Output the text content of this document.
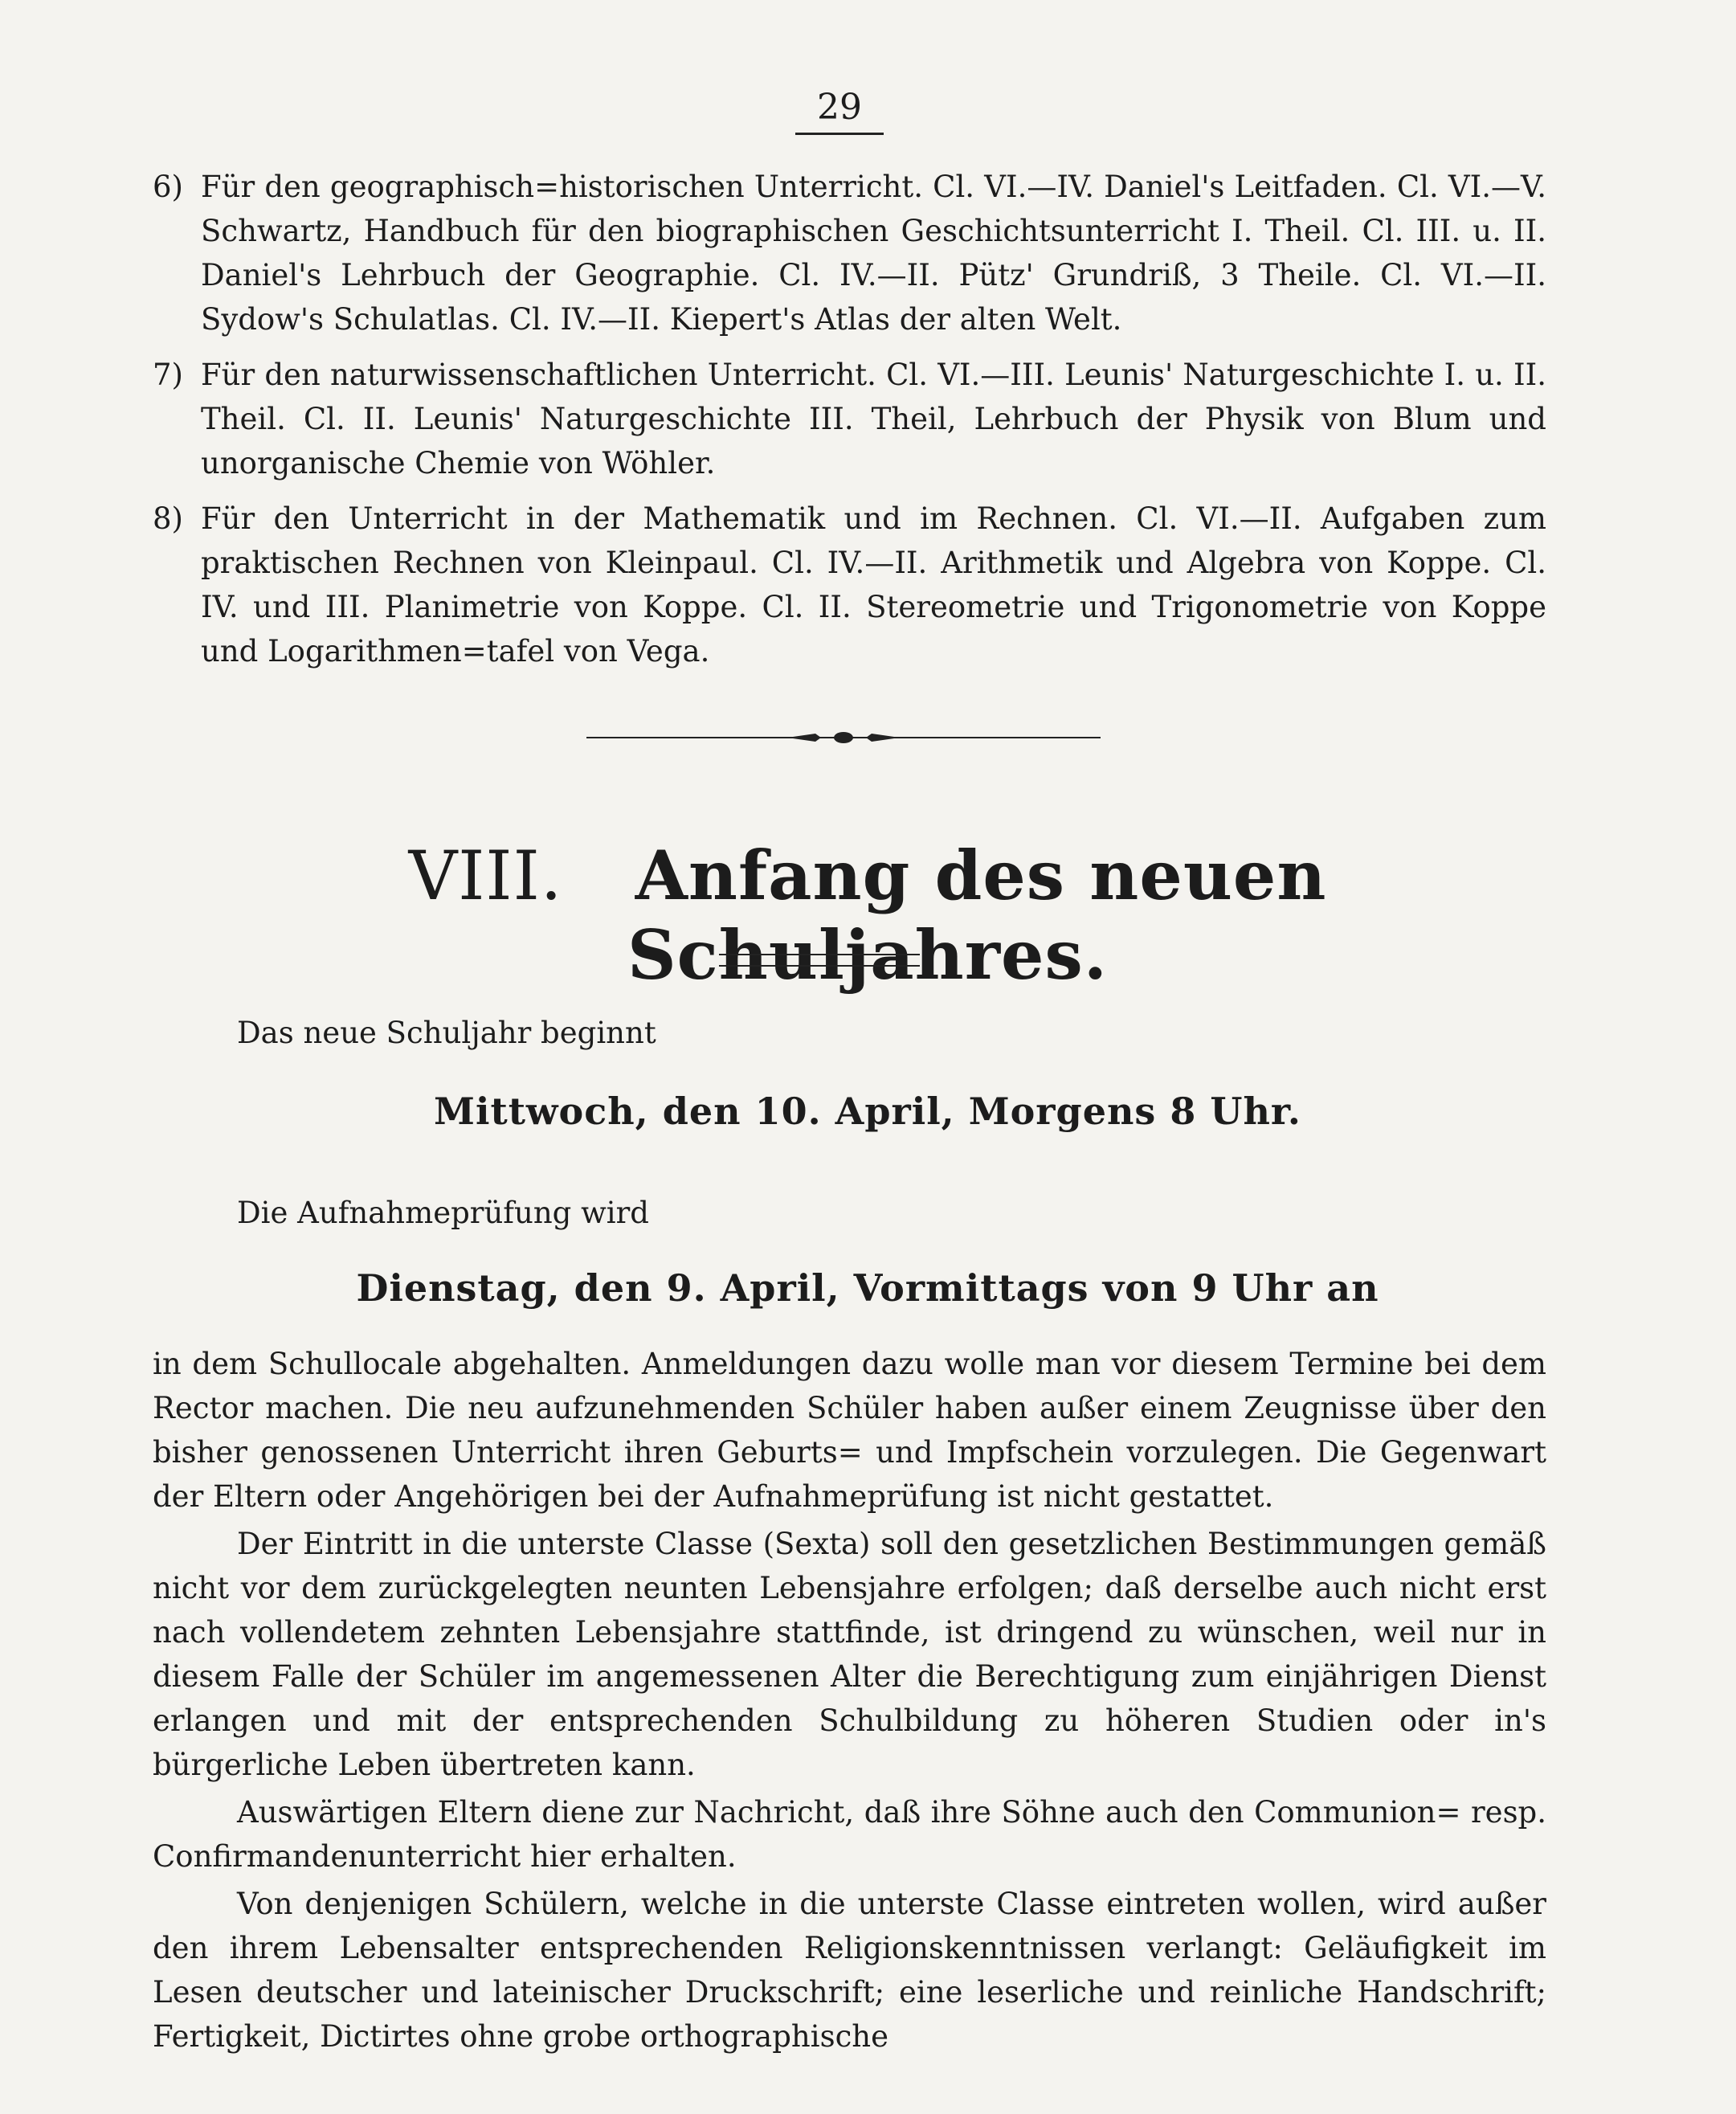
29
6) Für den geographisch=historischen Unterricht. Cl. VI.—IV. Daniel's Leitfaden. Cl. VI.—V. Schwartz, Handbuch für den biographischen Geschichtsunterricht I. Theil. Cl. III. u. II. Daniel's Lehrbuch der Geographie. Cl. IV.—II. Pütz' Grundriß, 3 Theile. Cl. VI.—II. Sydow's Schulatlas. Cl. IV.—II. Kiepert's Atlas der alten Welt.
7) Für den naturwissenschaftlichen Unterricht. Cl. VI.—III. Leunis' Naturgeschichte I. u. II. Theil. Cl. II. Leunis' Naturgeschichte III. Theil, Lehrbuch der Physik von Blum und unorganische Chemie von Wöhler.
8) Für den Unterricht in der Mathematik und im Rechnen. Cl. VI.—II. Aufgaben zum praktischen Rechnen von Kleinpaul. Cl. IV.—II. Arithmetik und Algebra von Koppe. Cl. IV. und III. Planimetrie von Koppe. Cl. II. Stereometrie und Trigonometrie von Koppe und Logarithmen=tafel von Vega.
VIII. Anfang des neuen Schuljahres.
Das neue Schuljahr beginnt
Mittwoch, den 10. April, Morgens 8 Uhr.
Die Aufnahmeprüfung wird
Dienstag, den 9. April, Vormittags von 9 Uhr an

in dem Schullocale abgehalten. Anmeldungen dazu wolle man vor diesem Termine bei dem Rector machen. Die neu aufzunehmenden Schüler haben außer einem Zeugnisse über den bisher genossenen Unterricht ihren Geburts= und Impfschein vorzulegen. Die Gegenwart der Eltern oder Angehörigen bei der Aufnahmeprüfung ist nicht gestattet.

Der Eintritt in die unterste Classe (Sexta) soll den gesetzlichen Bestimmungen gemäß nicht vor dem zurückgelegten neunten Lebensjahre erfolgen; daß derselbe auch nicht erst nach vollendetem zehnten Lebensjahre stattfinde, ist dringend zu wünschen, weil nur in diesem Falle der Schüler im angemessenen Alter die Berechtigung zum einjährigen Dienst erlangen und mit der entsprechenden Schulbildung zu höheren Studien oder in's bürgerliche Leben übertreten kann.

Auswärtigen Eltern diene zur Nachricht, daß ihre Söhne auch den Communion= resp. Confirmandenunterricht hier erhalten.

Von denjenigen Schülern, welche in die unterste Classe eintreten wollen, wird außer den ihrem Lebensalter entsprechenden Religionskenntnissen verlangt: Geläufigkeit im Lesen deutscher und lateinischer Druckschrift; eine leserliche und reinliche Handschrift; Fertigkeit, Dictirtes ohne grobe orthographische
